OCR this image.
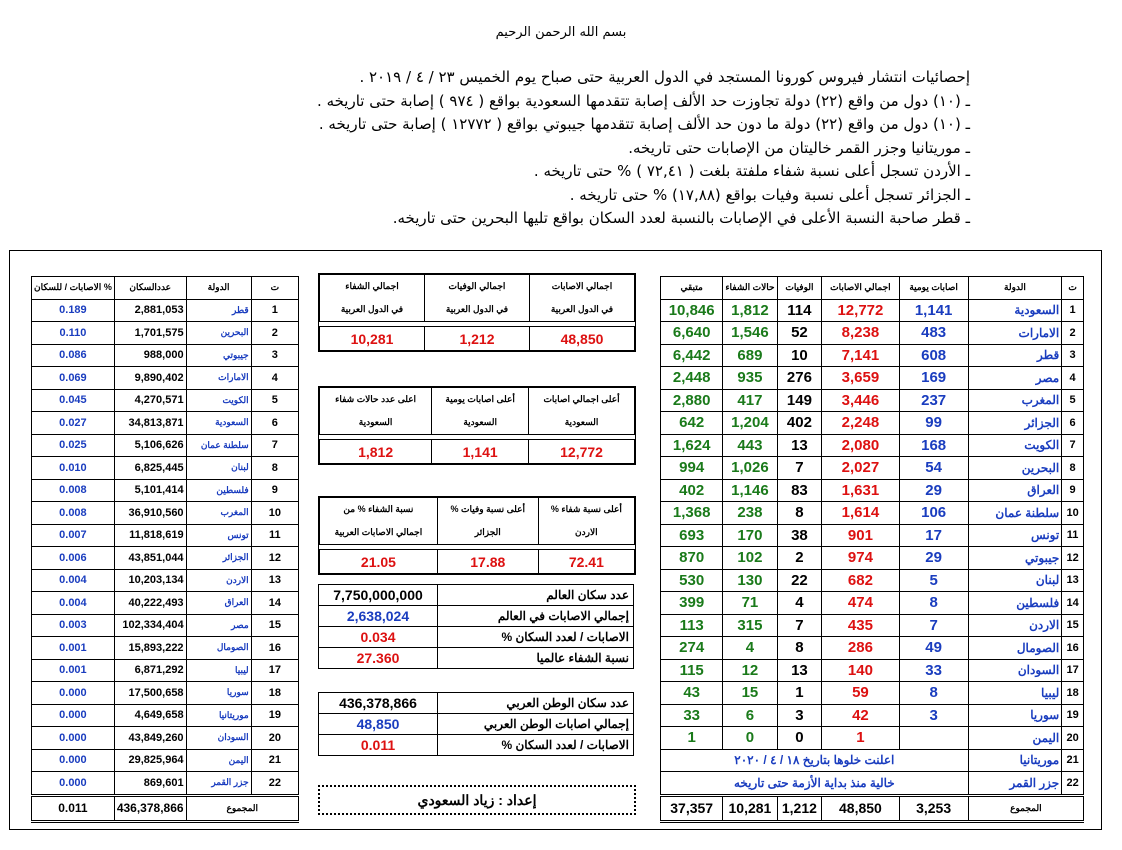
بسم الله الرحمن الرحيم
إحصائيات انتشار فيروس كورونا المستجد في الدول العربية حتى صباح يوم الخميس ٢٣ / ٤ / ٢٠١٩ .
ـ (١٠) دول من واقع (٢٢) دولة تجاوزت حد الألف إصابة تتقدمها السعودية بواقع ( ٩٧٤ ) إصابة حتى تاريخه .
ـ (١٠) دول من واقع (٢٢) دولة ما دون حد الألف إصابة تتقدمها جيبوتي بواقع ( ١٢٧٧٢ ) إصابة حتى تاريخه .
ـ موريتانيا وجزر القمر خاليتان من الإصابات حتى تاريخه.
ـ الأردن تسجل أعلى نسبة شفاء ملفتة بلغت ( ٧٢,٤١ ) % حتى تاريخه .
ـ الجزائر تسجل أعلى نسبة وفيات بواقع (١٧,٨٨) % حتى تاريخه .
ـ قطر صاحبة النسبة الأعلى في الإصابات بالنسبة لعدد السكان بواقع تليها البحرين حتى تاريخه.
الاصابات / للسكان %	عددالسكان	الدولة	ت
0.189	2,881,053	قطر	1
0.110	1,701,575	البحرين	2
0.086	988,000	جيبوتي	3
0.069	9,890,402	الامارات	4
0.045	4,270,571	الكويت	5
0.027	34,813,871	السعودية	6
0.025	5,106,626	سلطنة عمان	7
0.010	6,825,445	لبنان	8
0.008	5,101,414	فلسطين	9
0.008	36,910,560	المغرب	10
0.007	11,818,619	تونس	11
0.006	43,851,044	الجزائر	12
0.004	10,203,134	الاردن	13
0.004	40,222,493	العراق	14
0.003	102,334,404	مصر	15
0.001	15,893,222	الصومال	16
0.001	6,871,292	ليبيا	17
0.000	17,500,658	سوريا	18
0.000	4,649,658	موريتانيا	19
0.000	43,849,260	السودان	20
0.000	29,825,964	اليمن	21
0.000	869,601	جزر القمر	22
0.011	436,378,866	المجموع	
متبقي	حالات الشفاء	الوفيات	اجمالي الاصابات	اصابات يومية	الدولة	ت
10,846	1,812	114	12,772	1,141	السعودية	1
6,640	1,546	52	8,238	483	الامارات	2
6,442	689	10	7,141	608	قطر	3
2,448	935	276	3,659	169	مصر	4
2,880	417	149	3,446	237	المغرب	5
642	1,204	402	2,248	99	الجزائر	6
1,624	443	13	2,080	168	الكويت	7
994	1,026	7	2,027	54	البحرين	8
402	1,146	83	1,631	29	العراق	9
1,368	238	8	1,614	106	سلطنة عمان	10
693	170	38	901	17	تونس	11
870	102	2	974	29	جيبوتي	12
530	130	22	682	5	لبنان	13
399	71	4	474	8	فلسطين	14
113	315	7	435	7	الاردن	15
274	4	8	286	49	الصومال	16
115	12	13	140	33	السودان	17
43	15	1	59	8	ليبيا	18
33	6	3	42	3	سوريا	19
1	0	0	1		اليمن	20
اعلنت خلوها بتاريخ ١٨ / ٤ / ٢٠٢٠					موريتانيا	21
خالية منذ بداية الأزمة حتى تاريخه					جزر القمر	22
37,357	10,281	1,212	48,850	3,253	المجموع	
اجمالي الشفاء	اجمالي الوفيات	اجمالي الاصابات
في الدول العربية	في الدول العربية	في الدول العربية

10,281	1,212	48,850
اعلى عدد حالات شفاء	أعلى اصابات يومية	أعلى اجمالي اصابات
السعودية	السعودية	السعودية

1,812	1,141	12,772
نسبة الشفاء % من	أعلى نسبة وفيات %	أعلى نسبة شفاء %
اجمالي الاصابات العربية	الجزائر	الاردن

21.05	17.88	72.41
7,750,000,000	عدد سكان العالم
2,638,024	إجمالي الاصابات في العالم
0.034	الاصابات / لعدد السكان %
27.360	نسبة الشفاء عالميا
436,378,866	عدد سكان الوطن العربي
48,850	إجمالي اصابات الوطن العربي
0.011	الاصابات / لعدد السكان %
إعداد : زياد السعودي
